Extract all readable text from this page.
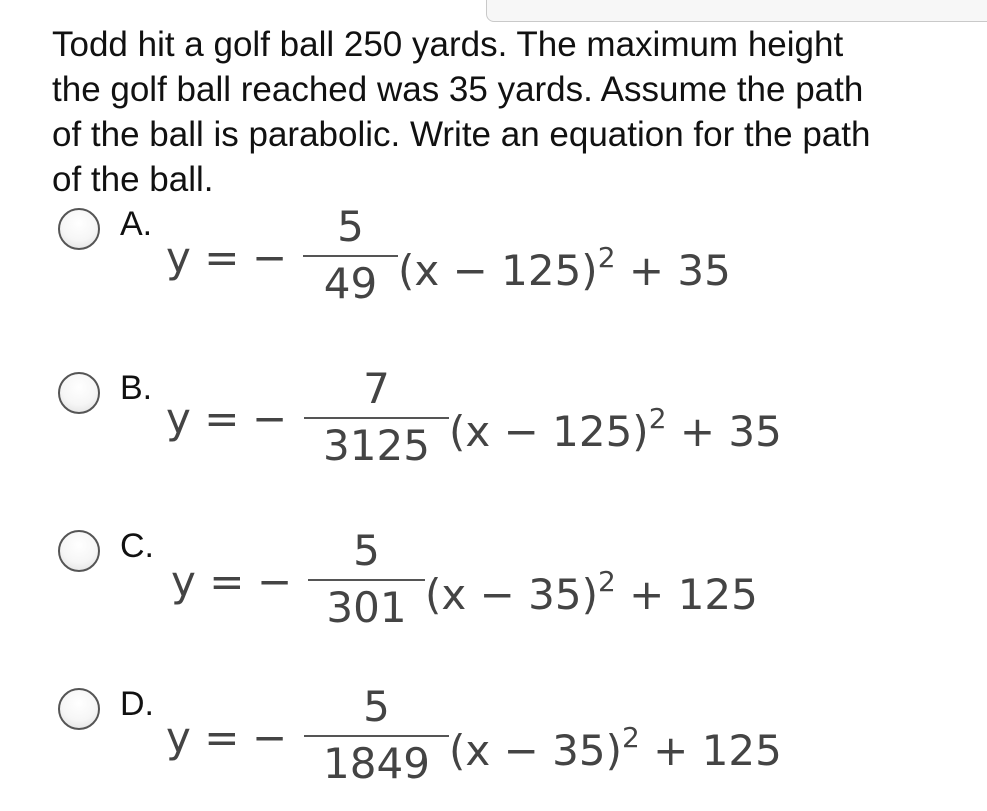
Todd hit a golf ball 250 yards. The maximum height
the golf ball reached was 35 yards. Assume the path
of the ball is parabolic. Write an equation for the path
of the ball.
A.
y = −
5
49 $(x - 125)^2 + 35$
B.
y = −
7
3125 $(x - 125)^2 + 35$
C.
y = −
5
301 $(x - 35)^2 + 125$
D.
y = −
5
1849 $(x - 35)^2 + 125$
